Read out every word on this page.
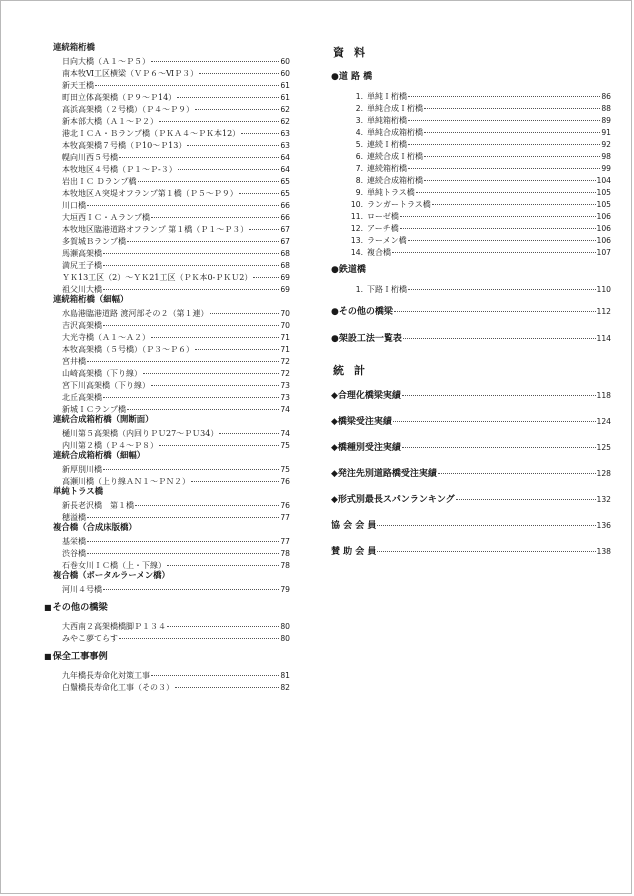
連続箱桁橋
日向大橋（Ａ１～Ｐ５）	60
南本牧Ⅵ工区横梁（ＶＰ６～ⅥＰ３）	60
新天王橋	61
町田立体高架橋（Ｐ９～Ｐ14）	61
高浜高架橋（２号橋）（Ｐ４～Ｐ９）	62
新本部大橋（Ａ１～Ｐ２）	62
港北ＩＣＡ・Ｂランプ橋（ＰＫＡ４～ＰＫ本12）	63
本牧高架橋７号橋（Ｐ10～Ｐ13）	63
幌向川西５号橋	64
本牧地区４号橋（Ｐ１～Ｐ-３）	64
岩出ＩＣ Ｄランプ橋	65
本牧地区Ａ突堤オフランプ第１橋（Ｐ５～Ｐ９）	65
川口橋	66
大垣西ＩＣ・Ａランプ橋	66
本牧地区臨港道路オフランプ 第１橋（Ｐ１～Ｐ３）	67
多賀城Ｂランプ橋	67
馬瀬高架橋	68
満尻王子橋	68
ＹＫ13工区（2）～ＹＫ21工区（ＰＫ本0-ＰＫＵ2）	69
祖父川大橋	69
連続箱桁橋（細幅）
水島港臨港道路 渡河部その２（第１連）	70
吉沢高架橋	70
大光寺橋（Ａ１～Ａ２）	71
本牧高架橋（５号橋）（Ｐ３～Ｐ６）	71
宮井橋	72
山崎高架橋（下り線）	72
宮下川高架橋（下り線）	73
北丘高架橋	73
新城ＩＣランプ橋	74
連続合成箱桁橋（開断面）
樋川第５高架橋（内回りＰＵ27～ＰＵ34）	74
内川第２橋（Ｐ４～Ｐ８）	75
連続合成箱桁橋（細幅）
新厚別川橋	75
高瀬川橋（上り線ＡＮ１～ＰＮ２）	76
単純トラス橋
新長老沢橋　第１橋	76
穂溢橋	77
複合橋（合成床版橋）
基栄橋	77
渋谷橋	78
石巻女川ＩＣ橋（上・下線）	78
複合橋（ポータルラーメン橋）
河川４号橋	79
■その他の橋梁
大西南２高架橋橋脚Ｐ１３４	80
みやこ夢てらす	80
■保全工事事例
九年橋長寿命化対策工事	81
白鬚橋長寿命化工事（その３）	82
資料
●道 路 橋
1. 単純Ｉ桁橋	86
2. 単純合成Ｉ桁橋	88
3. 単純箱桁橋	89
4. 単純合成箱桁橋	91
5. 連続Ｉ桁橋	92
6. 連続合成Ｉ桁橋	98
7. 連続箱桁橋	99
8. 連続合成箱桁橋	104
9. 単純トラス橋	105
10. ランガートラス橋	105
11. ローゼ橋	106
12. アーチ橋	106
13. ラーメン橋	106
14. 複合橋	107
●鉄道橋
1. 下路Ｉ桁橋	110
●その他の橋梁	112
●架設工法一覧表	114
統計
◆合理化橋梁実績	118
◆橋梁受注実績	124
◆橋種別受注実績	125
◆発注先別道路橋受注実績	128
◆形式別最長スパンランキング	132
協 会 会 員	136
賛 助 会 員	138
